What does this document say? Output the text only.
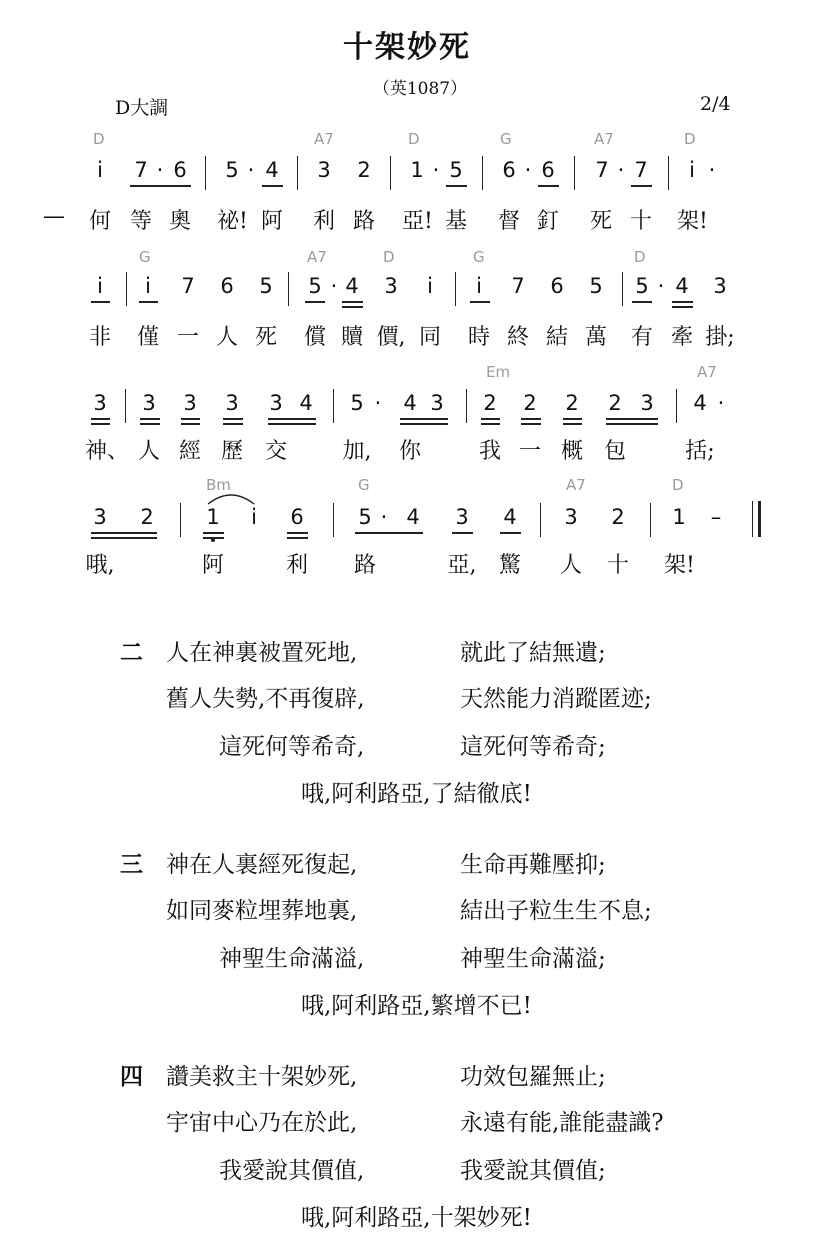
十架妙死
（英1087）
D大調	2/4
D	A7	D	G	A7	D
i	7 · 6 5 · 4 3 2 1 · 5 6 · 6 7 · 7	i ·
— 何 等 奧 祕! 阿 利 路 亞! 基 督 釘 死 十 架!
G	A7	D	G	D
i	i	7 6 5 5 · 4 3	i	i	7 6 5 5 · 4 3
非 僅 一 人 死 償 贖 價, 同 時 終 結 萬 有 牽 掛;
Em	A7
3 3 3 3 3 4 5 ·	4 3 2 2 2 2 3 4 ·
神、 人 經 歷 交	加, 你	我 一 概 包	括;
Bm	G	A7	D
3 2	1	i	6	5 · 4 3 4 3 2 1	–
哦,	阿	利 路	亞, 驚 人 十 架!
二 人在神裏被置死地,	就此了結無遺;
舊人失勢,不再復辟,	天然能力消蹤匿迹;
這死何等希奇,	這死何等希奇;
哦,阿利路亞,了結徹底!
三 神在人裏經死復起,	生命再難壓抑;
如同麥粒埋葬地裏,	結出子粒生生不息;
神聖生命滿溢,	神聖生命滿溢;
哦,阿利路亞,繁增不已!
四 讚美救主十架妙死,	功效包羅無止;
宇宙中心乃在於此,	永遠有能,誰能盡識?
我愛說其價值,	我愛說其價值;
哦,阿利路亞,十架妙死!
